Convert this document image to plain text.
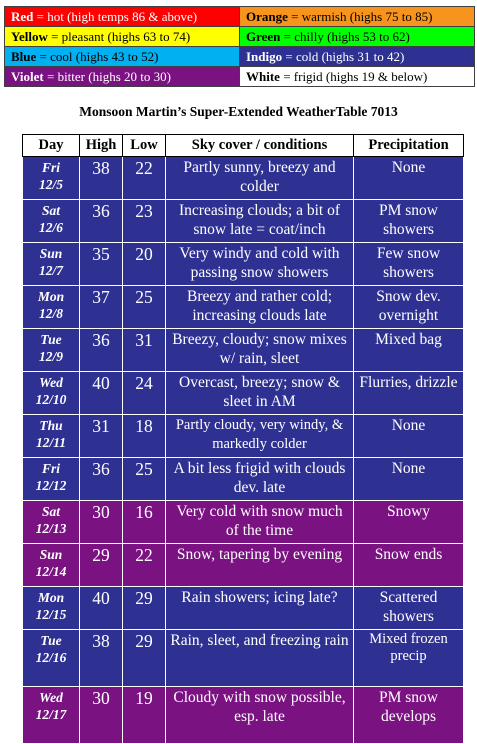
Red = hot (high temps 86 & above)	Orange = warmish (highs 75 to 85)
Yellow = pleasant (highs 63 to 74)	Green = chilly (highs 53 to 62)
Blue = cool (highs 43 to 52)	Indigo = cold (highs 31 to 42)
Violet = bitter (highs 20 to 30)	White = frigid (highs 19 & below)
Monsoon Martin’s Super-Extended WeatherTable 7013
Day	High	Low	Sky cover / conditions	Precipitation
Fri
12/5	38	22	Partly sunny, breezy and colder	None
Sat
12/6	36	23	Increasing clouds; a bit of snow late = coat/inch	PM snow showers
Sun
12/7	35	20	Very windy and cold with passing snow showers	Few snow showers
Mon
12/8	37	25	Breezy and rather cold; increasing clouds late	Snow dev. overnight
Tue
12/9	36	31	Breezy, cloudy; snow mixes w/ rain, sleet	Mixed bag
Wed
12/10	40	24	Overcast, breezy; snow & sleet in AM	Flurries, drizzle
Thu
12/11	31	18	Partly cloudy, very windy, & markedly colder	None
Fri
12/12	36	25	A bit less frigid with clouds dev. late	None
Sat
12/13	30	16	Very cold with snow much of the time	Snowy
Sun
12/14	29	22	Snow, tapering by evening	Snow ends
Mon
12/15	40	29	Rain showers; icing late?	Scattered showers
Tue
12/16	38	29	Rain, sleet, and freezing rain	Mixed frozen precip
Wed
12/17	30	19	Cloudy with snow possible, esp. late	PM snow develops
